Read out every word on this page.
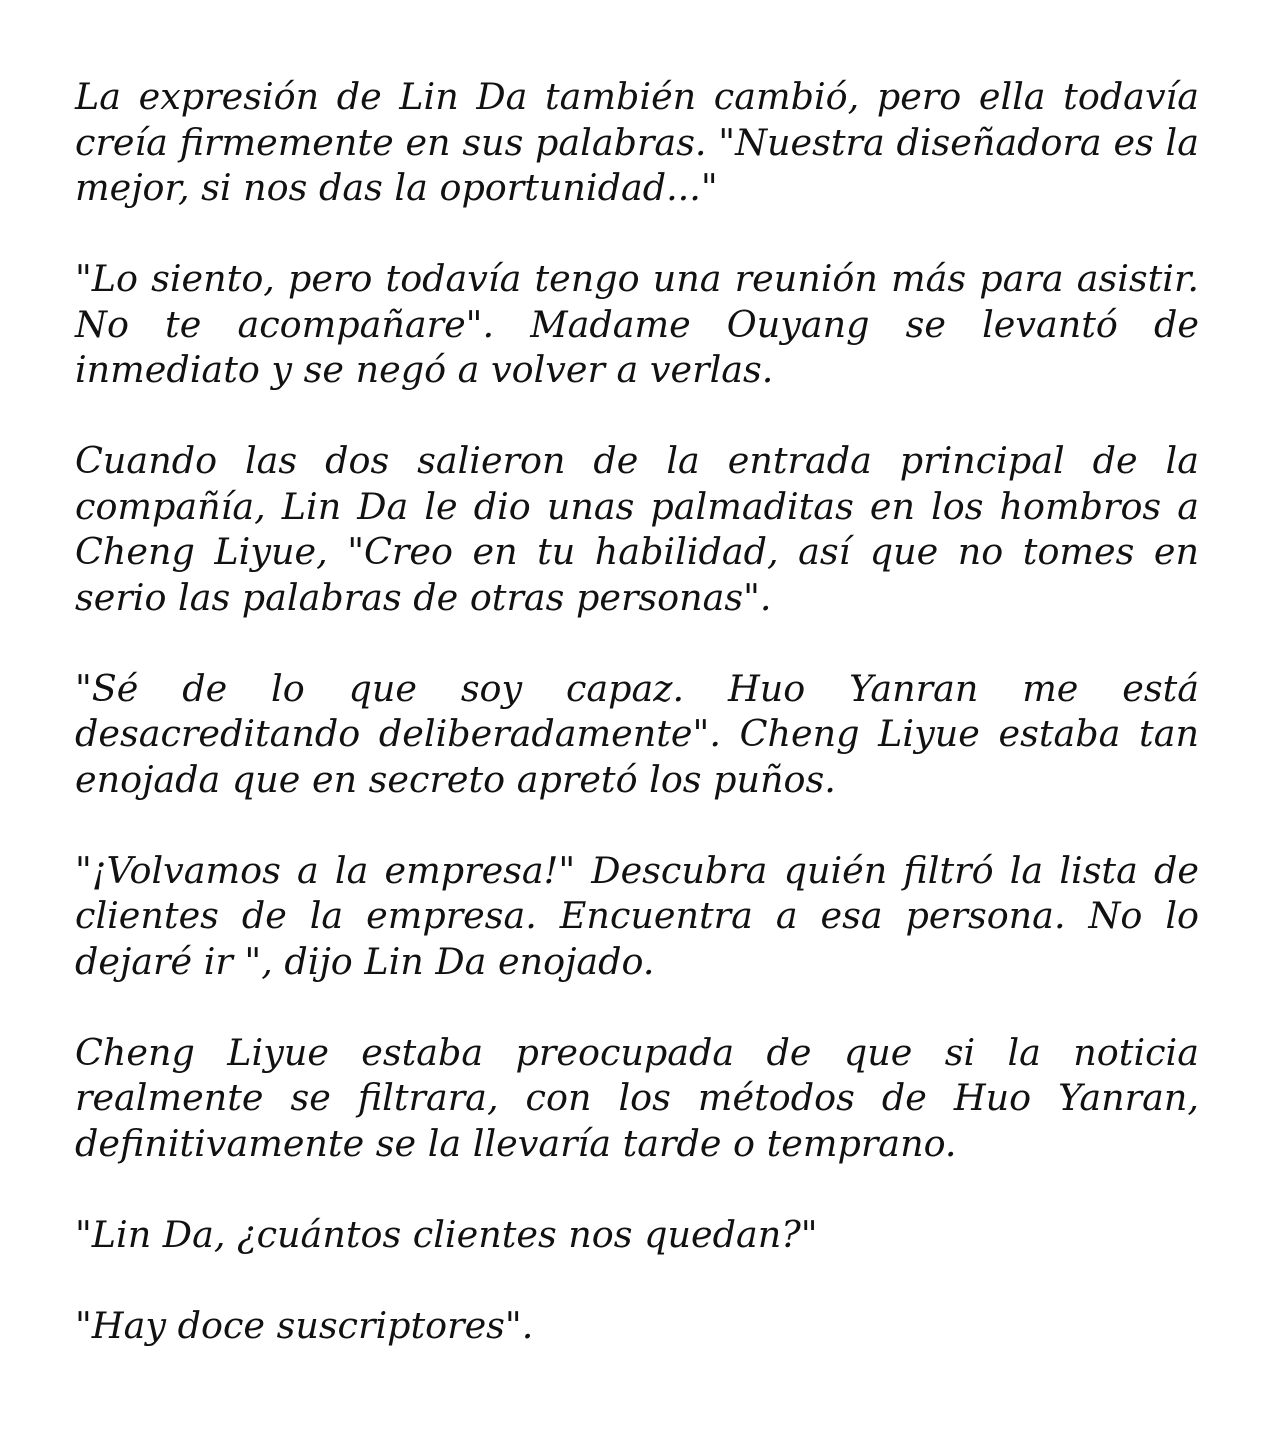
La expresión de Lin Da también cambió, pero ella todavía creía firmemente en sus palabras. "Nuestra diseñadora es la mejor, si nos das la oportunidad..."

"Lo siento, pero todavía tengo una reunión más para asistir. No te acompañare". Madame Ouyang se levantó de inmediato y se negó a volver a verlas.

Cuando las dos salieron de la entrada principal de la compañía, Lin Da le dio unas palmaditas en los hombros a Cheng Liyue, "Creo en tu habilidad, así que no tomes en serio las palabras de otras personas".

"Sé de lo que soy capaz. Huo Yanran me está desacreditando deliberadamente". Cheng Liyue estaba tan enojada que en secreto apretó los puños.

"¡Volvamos a la empresa!" Descubra quién filtró la lista de clientes de la empresa. Encuentra a esa persona. No lo dejaré ir ", dijo Lin Da enojado.

Cheng Liyue estaba preocupada de que si la noticia realmente se filtrara, con los métodos de Huo Yanran, definitivamente se la llevaría tarde o temprano.

"Lin Da, ¿cuántos clientes nos quedan?"

"Hay doce suscriptores".
